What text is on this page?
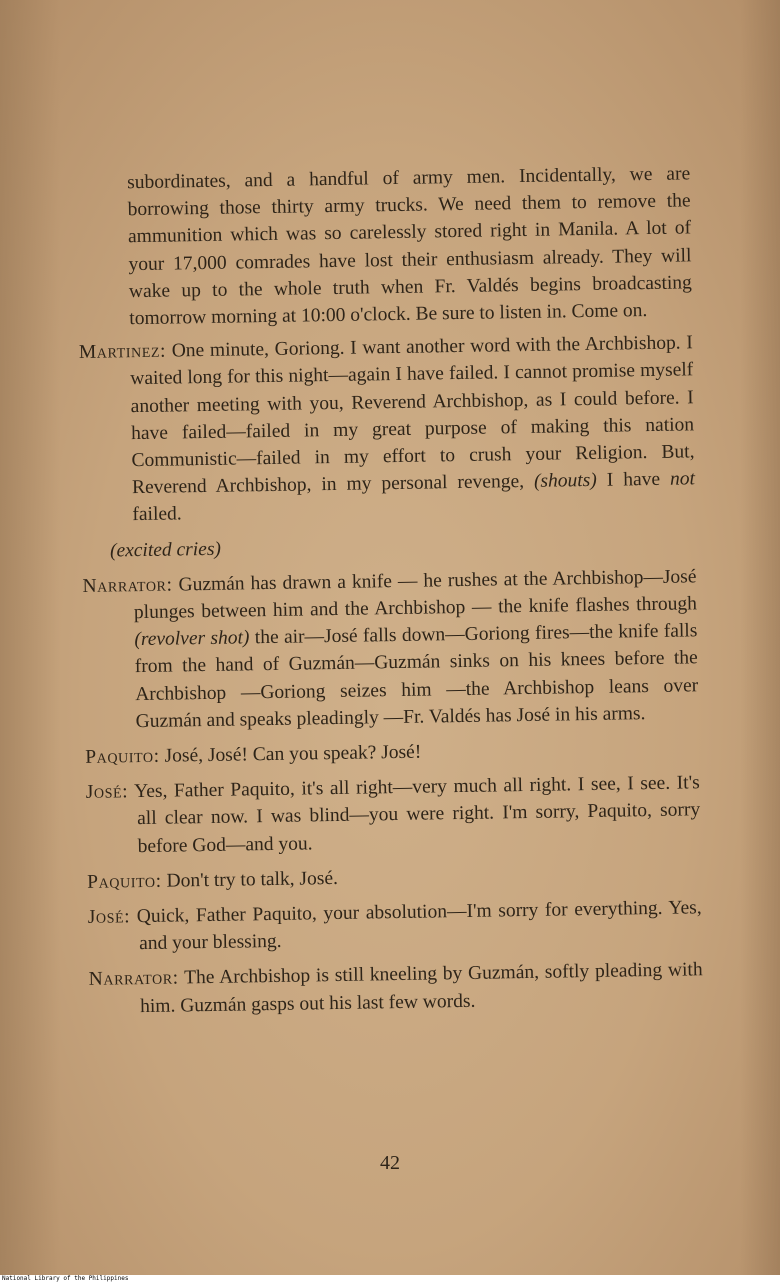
subordinates, and a handful of army men. Incidentally, we are borrowing those thirty army trucks. We need them to remove the ammunition which was so carelessly stored right in Manila. A lot of your 17,000 comrades have lost their enthusiasm already. They will wake up to the whole truth when Fr. Valdés begins broadcasting tomorrow morning at 10:00 o'clock. Be sure to listen in. Come on.

Martinez: One minute, Goriong. I want another word with the Archbishop. I waited long for this night—again I have failed. I cannot promise myself another meeting with you, Reverend Archbishop, as I could before. I have failed—failed in my great purpose of making this nation Communistic—failed in my effort to crush your Religion. But, Reverend Archbishop, in my personal revenge, (shouts) I have not failed.

(excited cries)

Narrator: Guzmán has drawn a knife — he rushes at the Archbishop—José plunges between him and the Archbishop — the knife flashes through (revolver shot) the air—José falls down—Goriong fires—the knife falls from the hand of Guzmán—Guzmán sinks on his knees before the Archbishop —Goriong seizes him —the Archbishop leans over Guzmán and speaks pleadingly —Fr. Valdés has José in his arms.

Paquito: José, José! Can you speak? José!

José: Yes, Father Paquito, it's all right—very much all right. I see, I see. It's all clear now. I was blind—you were right. I'm sorry, Paquito, sorry before God—and you.

Paquito: Don't try to talk, José.

José: Quick, Father Paquito, your absolution—I'm sorry for everything. Yes, and your blessing.

Narrator: The Archbishop is still kneeling by Guzmán, softly pleading with him. Guzmán gasps out his last few words.

42
National Library of the Philippines
